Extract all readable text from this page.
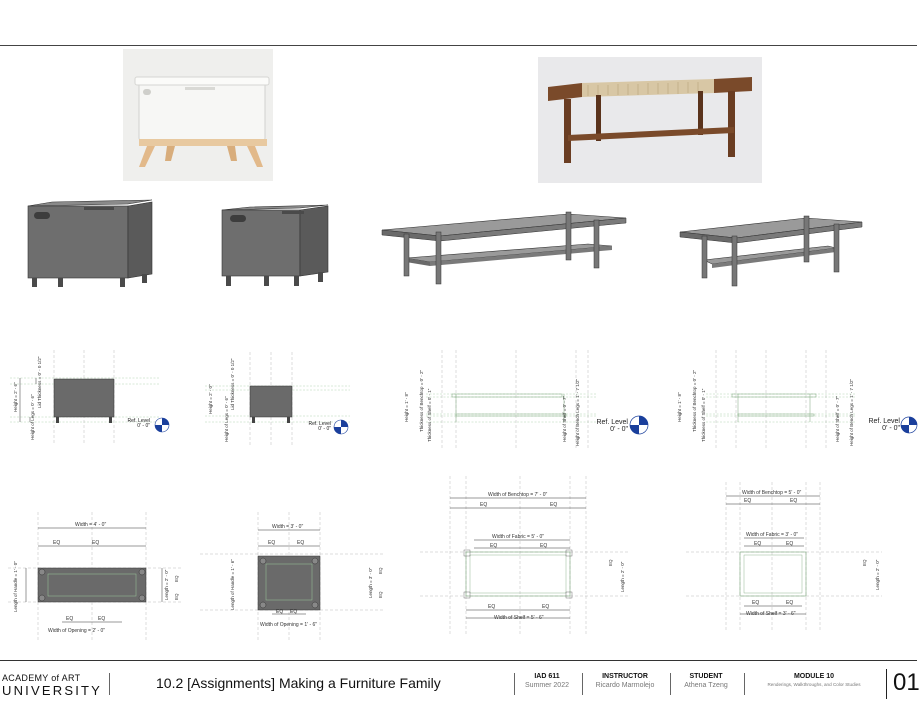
Height = 2' - 6"	Lid Thickness = 0' - 0 1/2"
Height of Legs = 0' - 6"	Ref. Level
0' - 0"
Height = 2' - 0"	Lid Thickness = 0' - 0 1/2"
Height of Legs = 0' - 6"	Ref. Level
0' - 0"
Height = 1' - 8" Thickness of Benchtop = 0' - 2" Thickness of Shelf = 0' - 1"	Height of Shelf = 0' - 7" Height of Bench Legs = 1' - 7 1/2"	Ref. Level
0' - 0"
Height = 1' - 8" Thickness of Benchtop = 0' - 2" Thickness of Shelf = 0' - 1"	Height of Shelf = 0' - 7" Height of Bench Legs = 1' - 7 1/2"	Ref. Level
0' - 0"
Width = 4' - 0"
EQ	EQ
Length of Handle = 1' - 0"	Length = 2' - 0" EQ
EQ
EQ	EQ
Width of Opening = 2' - 0"
Width = 3' - 0"
EQ	EQ
Length of Handle = 1' - 6"	Length = 3' - 0" EQ
EQ
EQ EQ
Width of Opening = 1' - 6"
Width of Benchtop = 7' - 0"
EQ	EQ
Width of Fabric = 5' - 0"
EQ	EQ
EQ Length = 2' - 0"
EQ	EQ
Width of Shelf = 5' - 6"
Width of Benchtop = 5' - 0"
EQ	EQ
Width of Fabric = 3' - 0"
EQ	EQ
EQ Length = 2' - 0"
EQ	EQ
Width of Shelf = 3' - 6"
ACADEMY of ART
UNIVERSITY	10.2 [Assignments] Making a Furniture Family	IAD 611
Summer 2022
INSTRUCTOR
Ricardo Marmolejo
STUDENT
Athena Tzeng
MODULE 10
Renderings, Walkthroughs, and Color Studies	01
